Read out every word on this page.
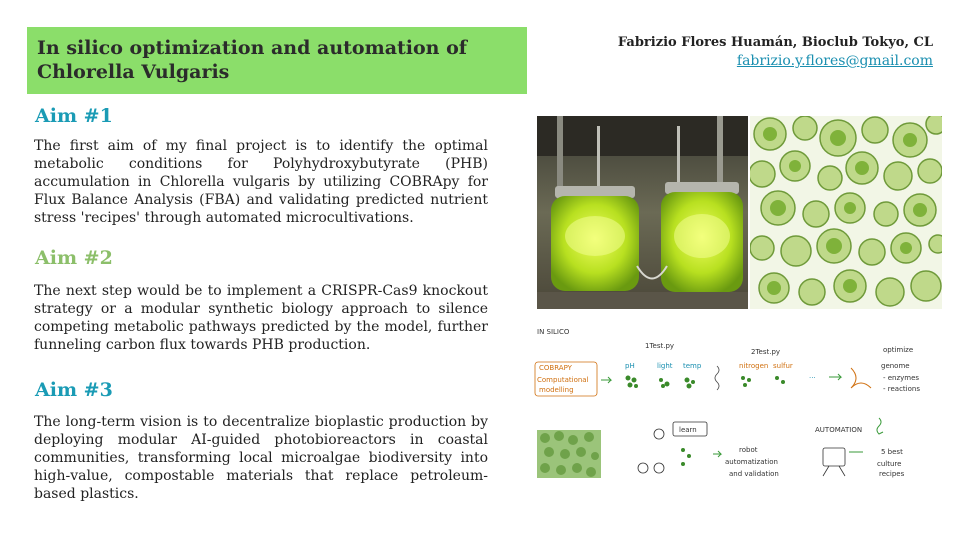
In silico optimization and automation of Chlorella Vulgaris
Fabrizio Flores Huamán, Bioclub Tokyo, CL
fabrizio.y.flores@gmail.com
Aim #1

The first aim of my final project is to identify the optimal metabolic conditions for Polyhydroxybutyrate (PHB) accumulation in Chlorella vulgaris by utilizing COBRApy for Flux Balance Analysis (FBA) and validating predicted nutrient stress 'recipes' through automated microcultivations.

Aim #2

The next step would be to implement a CRISPR-Cas9 knockout strategy or a modular synthetic biology approach to silence competing metabolic pathways predicted by the model, further funneling carbon flux towards PHB production.

Aim #3

The long-term vision is to decentralize bioplastic production by deploying modular AI-guided photobioreactors in coastal communities, transforming local microalgae biodiversity into high-value, compostable materials that replace petroleum-based plastics.

IN SILICO
1Test.py
2Test.py	optimize
COBRAPY
Computational
modelling
pH	light temp	nitrogen sulfur
···
genome
- enzymes
- reactions
learn
robot
automatization
and validation
AUTOMATION
5 best
culture
recipes
